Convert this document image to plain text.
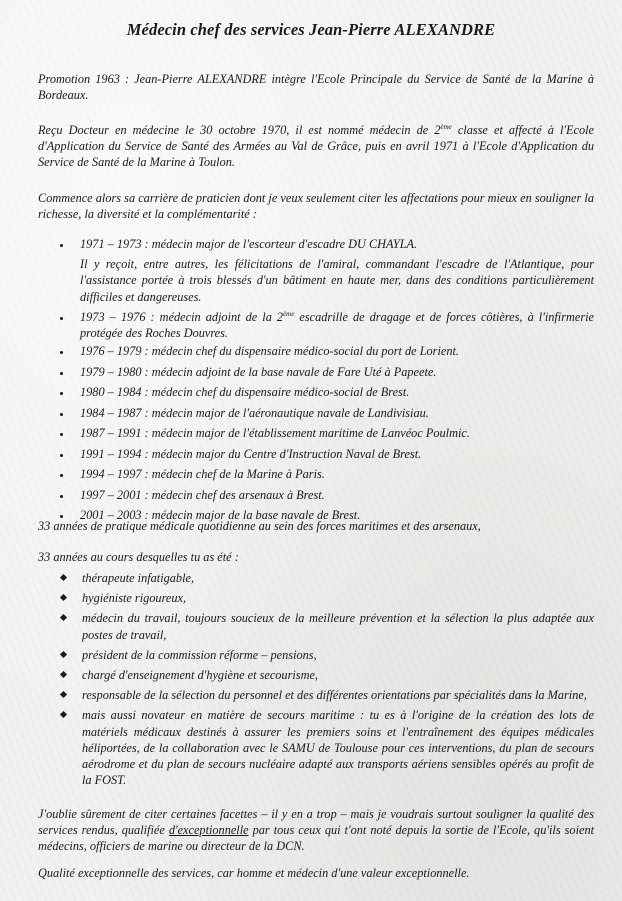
Médecin chef des services Jean-Pierre ALEXANDRE

Promotion 1963 : Jean-Pierre ALEXANDRE intègre l'Ecole Principale du Service de Santé de la Marine à Bordeaux.

Reçu Docteur en médecine le 30 octobre 1970, il est nommé médecin de 2ème classe et affecté à l'Ecole d'Application du Service de Santé des Armées au Val de Grâce, puis en avril 1971 à l'Ecole d'Application du Service de Santé de la Marine à Toulon.

Commence alors sa carrière de praticien dont je veux seulement citer les affectations pour mieux en souligner la richesse, la diversité et la complémentarité :

1971 – 1973 : médecin major de l'escorteur d'escadre DU CHAYLA.
Il y reçoit, entre autres, les félicitations de l'amiral, commandant l'escadre de l'Atlantique, pour l'assistance portée à trois blessés d'un bâtiment en haute mer, dans des conditions particulièrement difficiles et dangereuses.
1973 – 1976 : médecin adjoint de la 2ème escadrille de dragage et de forces côtières, à l'infirmerie protégée des Roches Douvres.
1976 – 1979 : médecin chef du dispensaire médico-social du port de Lorient.
1979 – 1980 : médecin adjoint de la base navale de Fare Uté à Papeete.
1980 – 1984 : médecin chef du dispensaire médico-social de Brest.
1984 – 1987 : médecin major de l'aéronautique navale de Landivisiau.
1987 – 1991 : médecin major de l'établissement maritime de Lanvéoc Poulmic.
1991 – 1994 : médecin major du Centre d'Instruction Naval de Brest.
1994 – 1997 : médecin chef de la Marine à Paris.
1997 – 2001 : médecin chef des arsenaux à Brest.
2001 – 2003 : médecin major de la base navale de Brest.

33 années de pratique médicale quotidienne au sein des forces maritimes et des arsenaux,

33 années au cours desquelles tu as été :

thérapeute infatigable,
hygiéniste rigoureux,
médecin du travail, toujours soucieux de la meilleure prévention et la sélection la plus adaptée aux postes de travail,
président de la commission réforme – pensions,
chargé d'enseignement d'hygiène et secourisme,
responsable de la sélection du personnel et des différentes orientations par spécialités dans la Marine,
mais aussi novateur en matière de secours maritime : tu es à l'origine de la création des lots de matériels médicaux destinés à assurer les premiers soins et l'entraînement des équipes médicales héliportées, de la collaboration avec le SAMU de Toulouse pour ces interventions, du plan de secours aérodrome et du plan de secours nucléaire adapté aux transports aériens sensibles opérés au profit de la FOST.

J'oublie sûrement de citer certaines facettes – il y en a trop – mais je voudrais surtout souligner la qualité des services rendus, qualifiée d'exceptionnelle par tous ceux qui t'ont noté depuis la sortie de l'Ecole, qu'ils soient médecins, officiers de marine ou directeur de la DCN.

Qualité exceptionnelle des services, car homme et médecin d'une valeur exceptionnelle.
